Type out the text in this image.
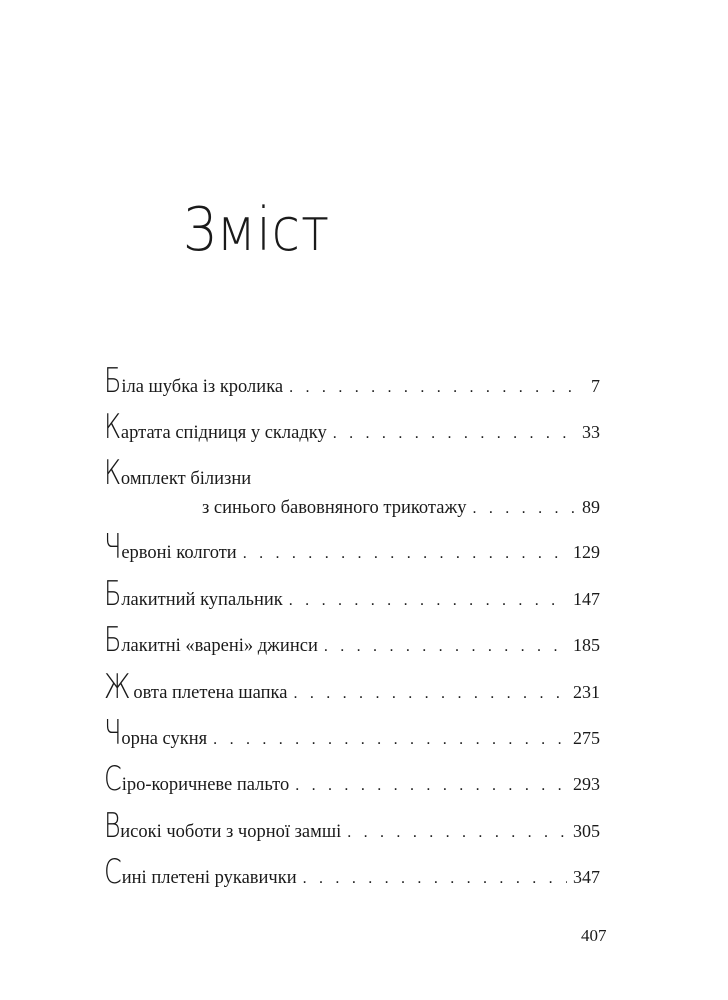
Зміст
Б іла шубка із кролика . . .	7
К артата спідниця у складку . . .	33
К омплект білизни
з синього бавовняного трикотажу . . .	89
Ч ервоні колготи . . .	129
Б лакитний купальник . . .	147
Б лакитні «варені» джинси . . .	185
Ж овта плетена шапка . . .	231
Ч орна сукня . . .	275
С іро-коричневе пальто . . .	293
В исокі чоботи з чорної замші . . .	305
С ині плетені рукавички . . .	347
407
